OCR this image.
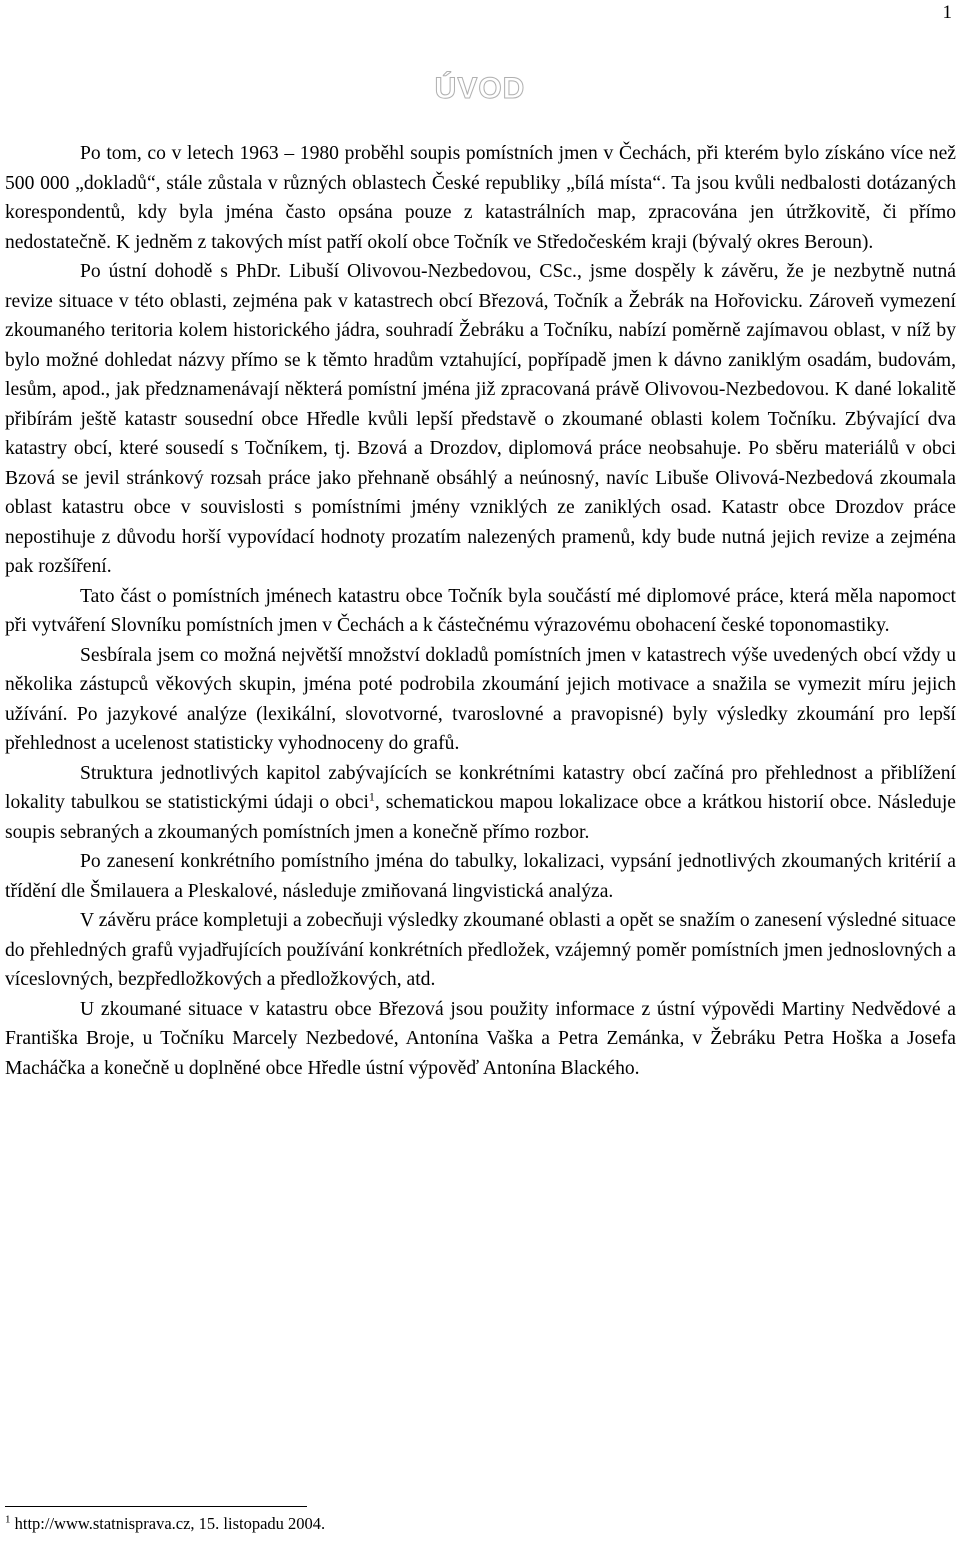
1
ÚVOD

Po tom, co v letech 1963 – 1980 proběhl soupis pomístních jmen v Čechách, při kterém bylo získáno více než 500 000 „dokladů“, stále zůstala v různých oblastech České republiky „bílá místa“. Ta jsou kvůli nedbalosti dotázaných korespondentů, kdy byla jména často opsána pouze z katastrálních map, zpracována jen útržkovitě, či přímo nedostatečně. K jedněm z takových míst patří okolí obce Točník ve Středočeském kraji (bývalý okres Beroun).

Po ústní dohodě s PhDr. Libuší Olivovou-Nezbedovou, CSc., jsme dospěly k závěru, že je nezbytně nutná revize situace v této oblasti, zejména pak v katastrech obcí Březová, Točník a Žebrák na Hořovicku. Zároveň vymezení zkoumaného teritoria kolem historického jádra, souhradí Žebráku a Točníku, nabízí poměrně zajímavou oblast, v níž by bylo možné dohledat názvy přímo se k těmto hradům vztahující, popřípadě jmen k dávno zaniklým osadám, budovám, lesům, apod., jak předznamenávají některá pomístní jména již zpracovaná právě Olivovou-Nezbedovou. K dané lokalitě přibírám ještě katastr sousední obce Hředle kvůli lepší představě o zkoumané oblasti kolem Točníku. Zbývající dva katastry obcí, které sousedí s Točníkem, tj. Bzová a Drozdov, diplomová práce neobsahuje. Po sběru materiálů v obci Bzová se jevil stránkový rozsah práce jako přehnaně obsáhlý a neúnosný, navíc Libuše Olivová-Nezbedová zkoumala oblast katastru obce v souvislosti s pomístními jmény vzniklých ze zaniklých osad. Katastr obce Drozdov práce nepostihuje z důvodu horší vypovídací hodnoty prozatím nalezených pramenů, kdy bude nutná jejich revize a zejména pak rozšíření.

Tato část o pomístních jménech katastru obce Točník byla součástí mé diplomové práce, která měla napomoct při vytváření Slovníku pomístních jmen v Čechách a k částečnému výrazovému obohacení české toponomastiky.

Sesbírala jsem co možná největší množství dokladů pomístních jmen v katastrech výše uvedených obcí vždy u několika zástupců věkových skupin, jména poté podrobila zkoumání jejich motivace a snažila se vymezit míru jejich užívání. Po jazykové analýze (lexikální, slovotvorné, tvaroslovné a pravopisné) byly výsledky zkoumání pro lepší přehlednost a ucelenost statisticky vyhodnoceny do grafů.

Struktura jednotlivých kapitol zabývajících se konkrétními katastry obcí začíná pro přehlednost a přiblížení lokality tabulkou se statistickými údaji o obci$^1$, schematickou mapou lokalizace obce a krátkou historií obce. Následuje soupis sebraných a zkoumaných pomístních jmen a konečně přímo rozbor.

Po zanesení konkrétního pomístního jména do tabulky, lokalizaci, vypsání jednotlivých zkoumaných kritérií a třídění dle Šmilauera a Pleskalové, následuje zmiňovaná lingvistická analýza.

V závěru práce kompletuji a zobecňuji výsledky zkoumané oblasti a opět se snažím o zanesení výsledné situace do přehledných grafů vyjadřujících používání konkrétních předložek, vzájemný poměr pomístních jmen jednoslovných a víceslovných, bezpředložkových a předložkových, atd.

U zkoumané situace v katastru obce Březová jsou použity informace z ústní výpovědi Martiny Nedvědové a Františka Broje, u Točníku Marcely Nezbedové, Antonína Vaška a Petra Zemánka, v Žebráku Petra Hoška a Josefa Macháčka a konečně u doplněné obce Hředle ústní výpověď Antonína Blackého.

$^1$ http://www.statnisprava.cz, 15. listopadu 2004.
